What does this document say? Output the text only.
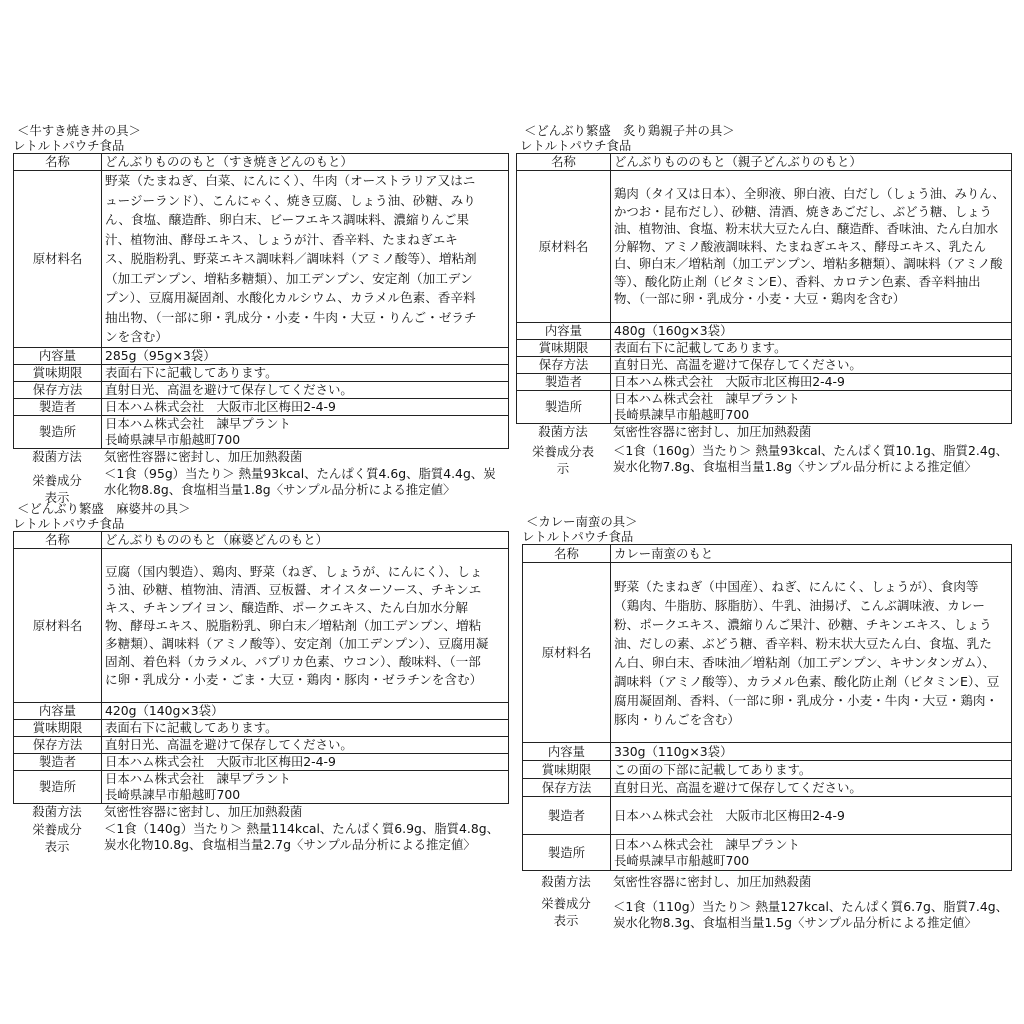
＜牛すき焼き丼の具＞
レトルトパウチ食品
名称	どんぶりもののもと（すき焼きどんのもと）
原材料名	野菜（たまねぎ、白菜、にんにく）、牛肉（オーストラリア又はニュージーランド）、こんにゃく、焼き豆腐、しょう油、砂糖、みりん、食塩、醸造酢、卵白末、ビーフエキス調味料、濃縮りんご果汁、植物油、酵母エキス、しょうが汁、香辛料、たまねぎエキス、脱脂粉乳、野菜エキス調味料／調味料（アミノ酸等）、増粘剤（加工デンプン、増粘多糖類）、加工デンプン、安定剤（加工デンプン）、豆腐用凝固剤、水酸化カルシウム、カラメル色素、香辛料抽出物、（一部に卵・乳成分・小麦・牛肉・大豆・りんご・ゼラチンを含む）
内容量	285g（95g×3袋）
賞味期限	表面右下に記載してあります。
保存方法	直射日光、高温を避けて保存してください。
製造者	日本ハム株式会社　大阪市北区梅田2-4-9
製造所	日本ハム株式会社　諫早プラント
長崎県諫早市船越町700
殺菌方法	気密性容器に密封し、加圧加熱殺菌
栄養成分表示	＜1食（95g）当たり＞ 熱量93kcal、たんぱく質4.6g、脂質4.4g、炭水化物8.8g、食塩相当量1.8g〈サンプル品分析による推定値〉
＜どんぶり繁盛　炙り鶏親子丼の具＞
レトルトパウチ食品
名称	どんぶりもののもと（親子どんぶりのもと）
原材料名	鶏肉（タイ又は日本）、全卵液、卵白液、白だし（しょう油、みりん、かつお・昆布だし）、砂糖、清酒、焼きあごだし、ぶどう糖、しょう油、植物油、食塩、粉末状大豆たん白、醸造酢、香味油、たん白加水分解物、アミノ酸液調味料、たまねぎエキス、酵母エキス、乳たん白、卵白末／増粘剤（加工デンプン、増粘多糖類）、調味料（アミノ酸等）、酸化防止剤（ビタミンE）、香料、カロテン色素、香辛料抽出物、（一部に卵・乳成分・小麦・大豆・鶏肉を含む）
内容量	480g（160g×3袋）
賞味期限	表面右下に記載してあります。
保存方法	直射日光、高温を避けて保存してください。
製造者	日本ハム株式会社　大阪市北区梅田2-4-9
製造所	日本ハム株式会社　諫早プラント
長崎県諫早市船越町700
殺菌方法	気密性容器に密封し、加圧加熱殺菌
栄養成分表示	＜1食（160g）当たり＞ 熱量93kcal、たんぱく質10.1g、脂質2.4g、炭水化物7.8g、食塩相当量1.8g〈サンプル品分析による推定値〉
＜どんぶり繁盛　麻婆丼の具＞
レトルトパウチ食品
名称	どんぶりもののもと（麻婆どんのもと）
原材料名	豆腐（国内製造）、鶏肉、野菜（ねぎ、しょうが、にんにく）、しょう油、砂糖、植物油、清酒、豆板醤、オイスターソース、チキンエキス、チキンブイヨン、醸造酢、ポークエキス、たん白加水分解物、酵母エキス、脱脂粉乳、卵白末／増粘剤（加工デンプン、増粘多糖類）、調味料（アミノ酸等）、安定剤（加工デンプン）、豆腐用凝固剤、着色料（カラメル、パプリカ色素、ウコン）、酸味料、（一部に卵・乳成分・小麦・ごま・大豆・鶏肉・豚肉・ゼラチンを含む）
内容量	420g（140g×3袋）
賞味期限	表面右下に記載してあります。
保存方法	直射日光、高温を避けて保存してください。
製造者	日本ハム株式会社　大阪市北区梅田2-4-9
製造所	日本ハム株式会社　諫早プラント
長崎県諫早市船越町700
殺菌方法	気密性容器に密封し、加圧加熱殺菌
栄養成分表示	＜1食（140g）当たり＞ 熱量114kcal、たんぱく質6.9g、脂質4.8g、炭水化物10.8g、食塩相当量2.7g〈サンプル品分析による推定値〉
＜カレー南蛮の具＞
レトルトパウチ食品
名称	カレー南蛮のもと
原材料名	野菜（たまねぎ（中国産）、ねぎ、にんにく、しょうが）、食肉等（鶏肉、牛脂肪、豚脂肪）、牛乳、油揚げ、こんぶ調味液、カレー粉、ポークエキス、濃縮りんご果汁、砂糖、チキンエキス、しょう油、だしの素、ぶどう糖、香辛料、粉末状大豆たん白、食塩、乳たん白、卵白末、香味油／増粘剤（加工デンプン、キサンタンガム）、調味料（アミノ酸等）、カラメル色素、酸化防止剤（ビタミンE）、豆腐用凝固剤、香料、（一部に卵・乳成分・小麦・牛肉・大豆・鶏肉・豚肉・りんごを含む）
内容量	330g（110g×3袋）
賞味期限	この面の下部に記載してあります。
保存方法	直射日光、高温を避けて保存してください。
製造者	日本ハム株式会社　大阪市北区梅田2-4-9
製造所	日本ハム株式会社　諫早プラント
長崎県諫早市船越町700
殺菌方法	気密性容器に密封し、加圧加熱殺菌
栄養成分表示	＜1食（110g）当たり＞ 熱量127kcal、たんぱく質6.7g、脂質7.4g、炭水化物8.3g、食塩相当量1.5g〈サンプル品分析による推定値〉
